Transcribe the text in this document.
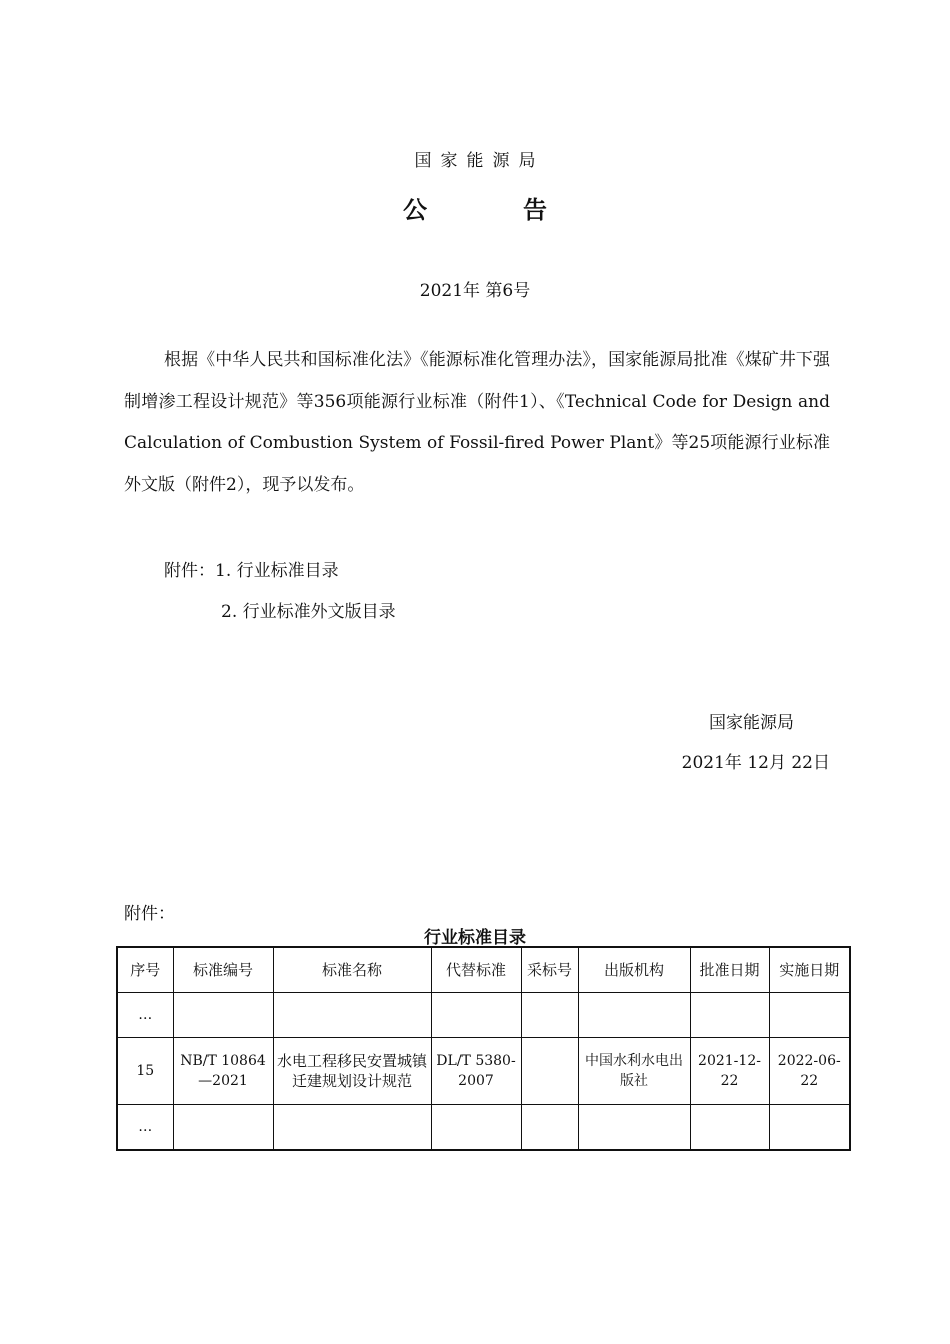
国家能源局
公　告
2021年 第6号
根据《中华人民共和国标准化法》《能源标准化管理办法》，国家能源局批准《煤矿井下强制增渗工程设计规范》等356项能源行业标准（附件1）、《Technical Code for Design and Calculation of Combustion System of Fossil-fired Power Plant》等25项能源行业标准外文版（附件2），现予以发布。
附件：1. 行业标准目录
2. 行业标准外文版目录
国家能源局
2021年 12月 22日
附件：
行业标准目录
序号	标准编号	标准名称	代替标准	采标号	出版机构	批准日期	实施日期
…							
15	NB/T 10864—2021	水电工程移民安置城镇迁建规划设计规范	DL/T 5380-2007		中国水利水电出版社	2021-12-22	2022-06-22
…							
